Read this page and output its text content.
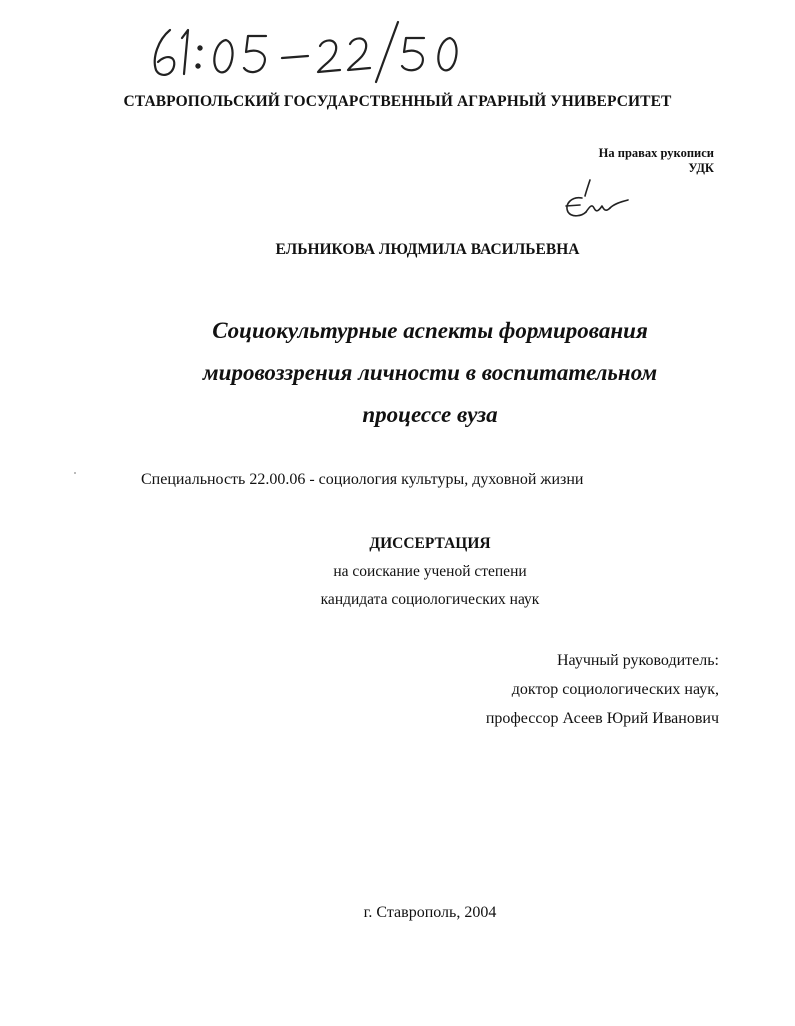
СТАВРОПОЛЬСКИЙ ГОСУДАРСТВЕННЫЙ АГРАРНЫЙ УНИВЕРСИТЕТ
На правах рукописи
УДК
ЕЛЬНИКОВА ЛЮДМИЛА ВАСИЛЬЕВНА
Социокультурные аспекты формирования
мировоззрения личности в воспитательном
процессе вуза
Специальность 22.00.06 - социология культуры, духовной жизни
ДИССЕРТАЦИЯ
на соискание ученой степени
кандидата социологических наук
Научный руководитель:
доктор социологических наук,
профессор Асеев Юрий Иванович
г. Ставрополь, 2004
